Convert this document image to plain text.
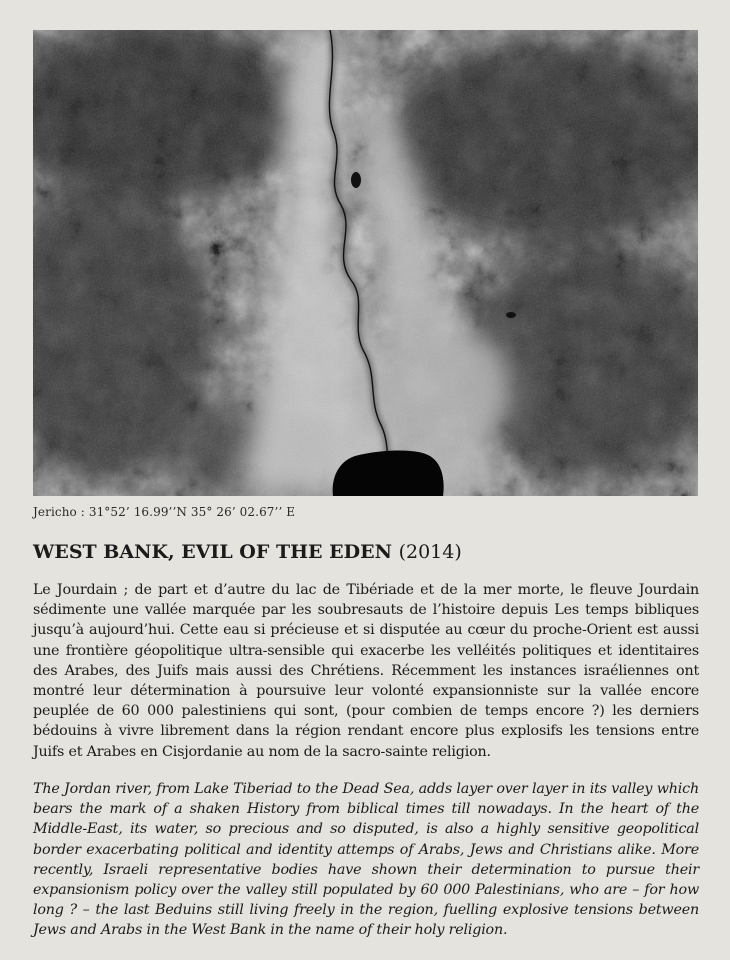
Jericho : 31°52’ 16.99’’N 35° 26’ 02.67’’ E
WEST BANK, EVIL OF THE EDEN (2014)

Le Jourdain ; de part et d’autre du lac de Tibériade et de la mer morte, le fleuve Jourdain sédimente une vallée marquée par les soubresauts de l’histoire depuis Les temps bibliques jusqu’à aujourd’hui. Cette eau si précieuse et si disputée au cœur du proche-Orient est aussi une frontière géopolitique ultra-sensible qui exacerbe les velléités politiques et identitaires des Arabes, des Juifs mais aussi des Chrétiens. Récemment les instances israéliennes ont montré leur détermination à poursuive leur volonté expansionniste sur la vallée encore peuplée de 60 000 palestiniens qui sont, (pour combien de temps encore ?) les derniers bédouins à vivre librement dans la région rendant encore plus explosifs les tensions entre Juifs et Arabes en Cisjordanie au nom de la sacro-sainte religion.

The Jordan river, from Lake Tiberiad to the Dead Sea, adds layer over layer in its valley which bears the mark of a shaken History from biblical times till nowadays. In the heart of the Middle-East, its water, so precious and so disputed, is also a highly sensitive geopolitical border exacerbating political and identity attemps of Arabs, Jews and Christians alike. More recently, Israeli representative bodies have shown their determination to pursue their expansionism policy over the valley still populated by 60 000 Palestinians, who are – for how long ? – the last Beduins still living freely in the region, fuelling explosive tensions between Jews and Arabs in the West Bank in the name of their holy religion.
